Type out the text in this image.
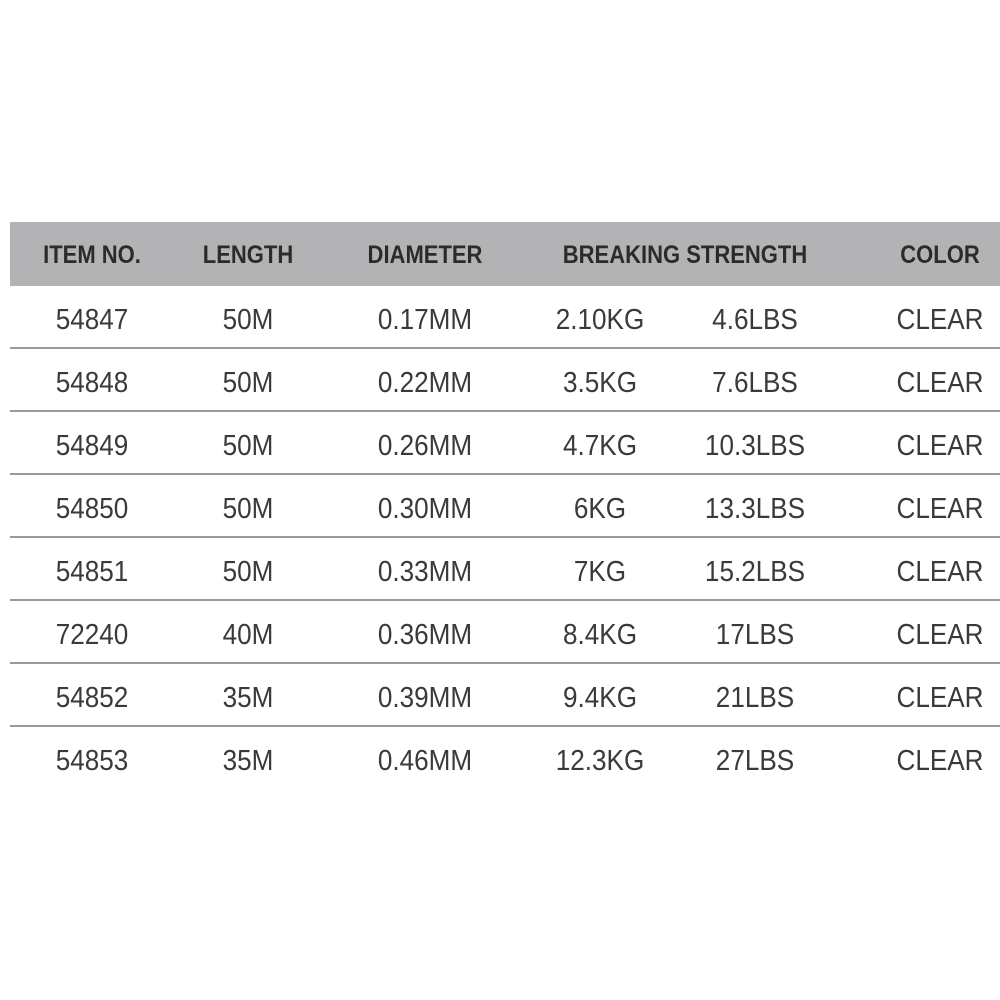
ITEM NO.	LENGTH	DIAMETER	BREAKING STRENGTH	COLOR
54847	50M	0.17MM	2.10KG	4.6LBS	CLEAR
54848	50M	0.22MM	3.5KG	7.6LBS	CLEAR
54849	50M	0.26MM	4.7KG	10.3LBS	CLEAR
54850	50M	0.30MM	6KG	13.3LBS	CLEAR
54851	50M	0.33MM	7KG	15.2LBS	CLEAR
72240	40M	0.36MM	8.4KG	17LBS	CLEAR
54852	35M	0.39MM	9.4KG	21LBS	CLEAR
54853	35M	0.46MM	12.3KG	27LBS	CLEAR
